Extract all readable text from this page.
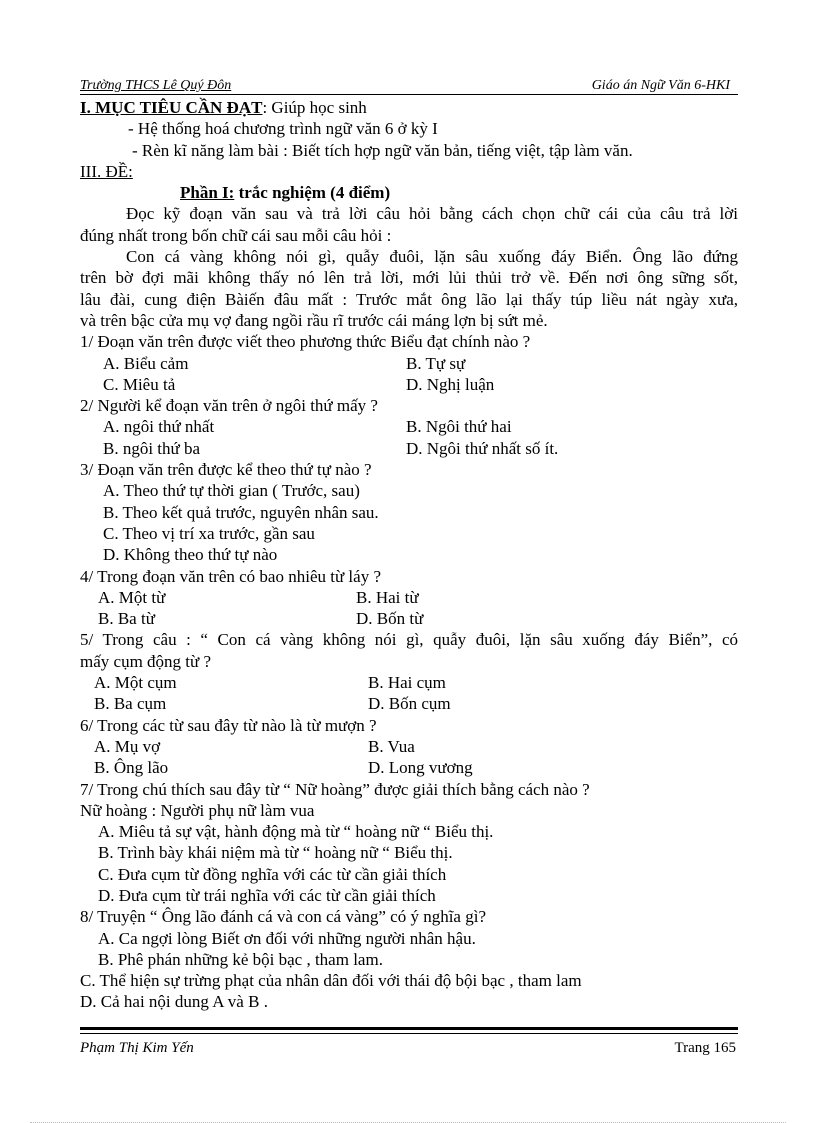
Trường THCS Lê Quý Đôn	Giáo án Ngữ Văn 6-HKI
I. MỤC TIÊU CẦN ĐẠT: Giúp học sinh
- Hệ thống hoá chương trình ngữ văn 6 ở kỳ I
- Rèn kĩ năng làm bài : Biết tích hợp ngữ văn bản, tiếng việt, tập làm văn.
III. ĐỀ:
Phần I: trắc nghiệm (4 điểm)
Đọc kỹ đoạn văn sau và trả lời câu hỏi bằng cách chọn chữ cái của câu trả lời
đúng nhất trong bốn chữ cái sau mỗi câu hỏi :
Con cá vàng không nói gì, quẫy đuôi, lặn sâu xuống đáy Biển. Ông lão đứng
trên bờ đợi mãi không thấy nó lên trả lời, mới lủi thủi trở về. Đến nơi ông sững sốt,
lâu đài, cung điện Bàiến đâu mất : Trước mắt ông lão lại thấy túp liều nát ngày xưa,
và trên bậc cửa mụ vợ đang ngồi rầu rĩ trước cái máng lợn bị sứt mẻ.
1/ Đoạn văn trên được viết theo phương thức Biểu đạt chính nào ?
A. Biểu cảm	B. Tự sự
C. Miêu tả	D. Nghị luận
2/ Người kể đoạn văn trên ở ngôi thứ mấy ?
A. ngôi thứ nhất	B. Ngôi thứ hai
B. ngôi thứ ba	D. Ngôi thứ nhất số ít.
3/ Đoạn văn trên được kể theo thứ tự nào ?
A. Theo thứ tự thời gian ( Trước, sau)
B. Theo kết quả trước, nguyên nhân sau.
C. Theo vị trí xa trước, gần sau
D. Không theo thứ tự nào
4/ Trong đoạn văn trên có bao nhiêu từ láy ?
A. Một từ	B. Hai từ
B. Ba từ	D. Bốn từ
5/ Trong câu : “ Con cá vàng không nói gì, quẫy đuôi, lặn sâu xuống đáy Biển”, có
mấy cụm động từ ?
A. Một cụm	B. Hai cụm
B. Ba cụm	D. Bốn cụm
6/ Trong các từ sau đây từ nào là từ mượn ?
A. Mụ vợ	B. Vua
B. Ông lão	D. Long vương
7/ Trong chú thích sau đây từ “ Nữ hoàng” được giải thích bằng cách nào ?
Nữ hoàng : Người phụ nữ làm vua
A. Miêu tả sự vật, hành động mà từ “ hoàng nữ “ Biểu thị.
B. Trình bày khái niệm mà từ “ hoàng nữ “ Biểu thị.
C. Đưa cụm từ đồng nghĩa với các từ cần giải thích
D. Đưa cụm từ trái nghĩa với các từ cần giải thích
8/ Truyện “ Ông lão đánh cá và con cá vàng” có ý nghĩa gì?
A. Ca ngợi lòng Biết ơn đối với những người nhân hậu.
B. Phê phán những kẻ bội bạc , tham lam.
C. Thể hiện sự trừng phạt của nhân dân đối với thái độ bội bạc , tham lam
D. Cả hai nội dung A và B .
Phạm Thị Kim Yến	Trang 165
